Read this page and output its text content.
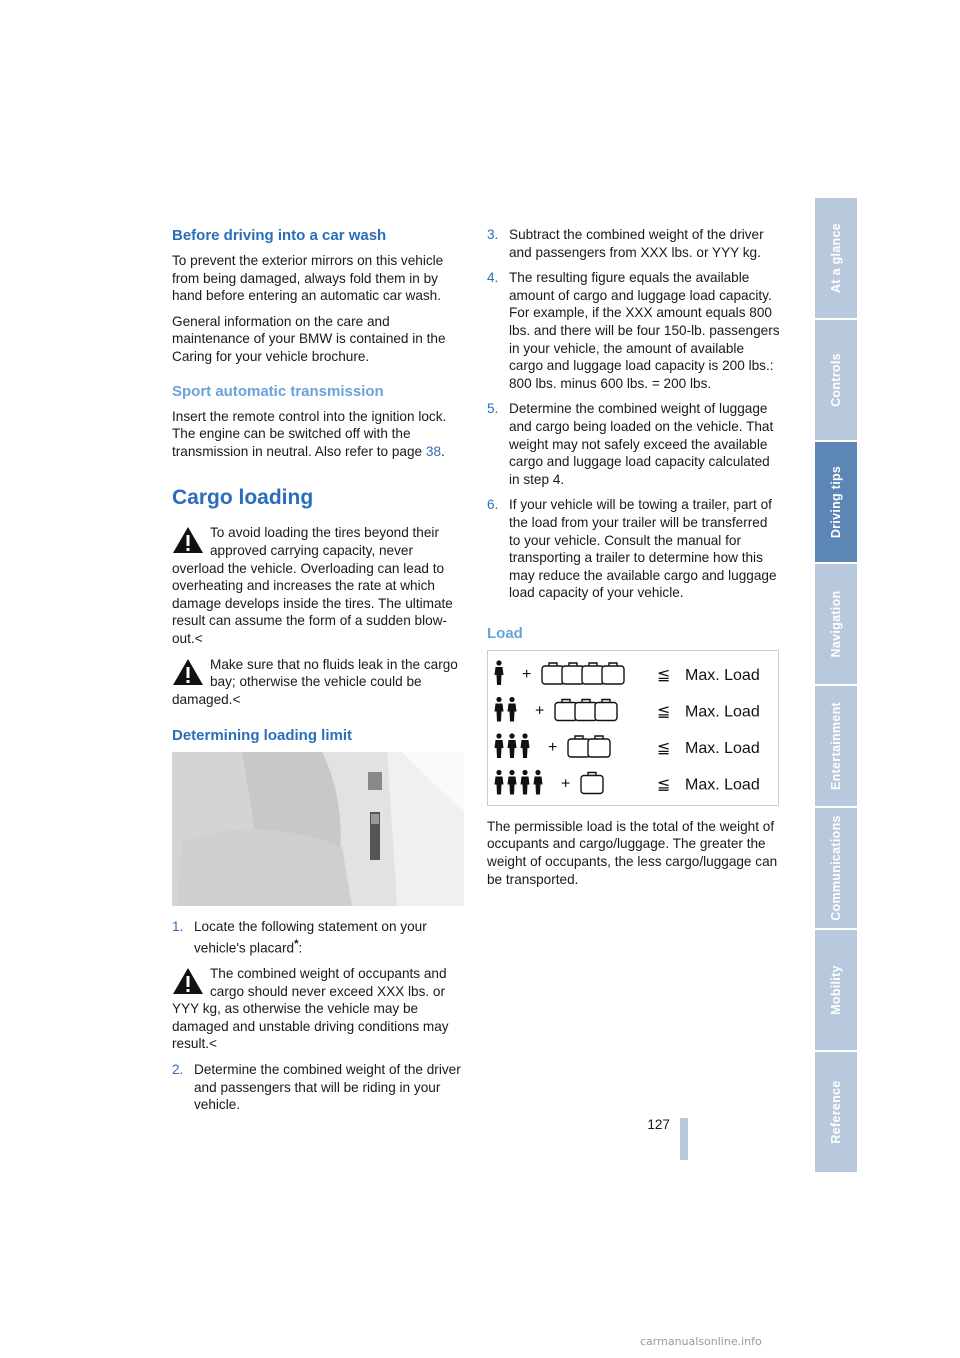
Before driving into a car wash

To prevent the exterior mirrors on this vehicle from being damaged, always fold them in by hand before entering an automatic car wash.

General information on the care and maintenance of your BMW is contained in the Caring for your vehicle brochure.

Sport automatic transmission

Insert the remote control into the ignition lock. The engine can be switched off with the transmission in neutral. Also refer to page 38.

Cargo loading
To avoid loading the tires beyond their approved carrying capacity, never overload the vehicle. Overloading can lead to overheating and increases the rate at which damage develops inside the tires. The ultimate result can assume the form of a sudden blow-out.<
Make sure that no fluids leak in the cargo bay; otherwise the vehicle could be damaged.<
Determining loading limit
1. Locate the following statement on your vehicle's placard*:
The combined weight of occupants and cargo should never exceed XXX lbs. or YYY kg, as otherwise the vehicle may be damaged and unstable driving conditions may result.<
2. Determine the combined weight of the driver and passengers that will be riding in your vehicle.
3. Subtract the combined weight of the driver and passengers from XXX lbs. or YYY kg.
4. The resulting figure equals the available amount of cargo and luggage load capacity. For example, if the XXX amount equals 800 lbs. and there will be four 150-lb. passengers in your vehicle, the amount of available cargo and luggage load capacity is 200 lbs.: 800 lbs. minus 600 lbs. = 200 lbs.
5. Determine the combined weight of luggage and cargo being loaded on the vehicle. That weight may not safely exceed the available cargo and luggage load capacity calculated in step 4.
6. If your vehicle will be towing a trailer, part of the load from your trailer will be transferred to your vehicle. Consult the manual for transporting a trailer to determine how this may reduce the available cargo and luggage load capacity of your vehicle.
Load
+	≦ Max. Load
+	≦ Max. Load
+	≦ Max. Load
+	≦ Max. Load

The permissible load is the total of the weight of occupants and cargo/luggage. The greater the weight of occupants, the less cargo/luggage can be transported.

At a glance
Controls
Driving tips
Navigation
Entertainment
Communications
Mobility
Reference
127
carmanualsonline.info
